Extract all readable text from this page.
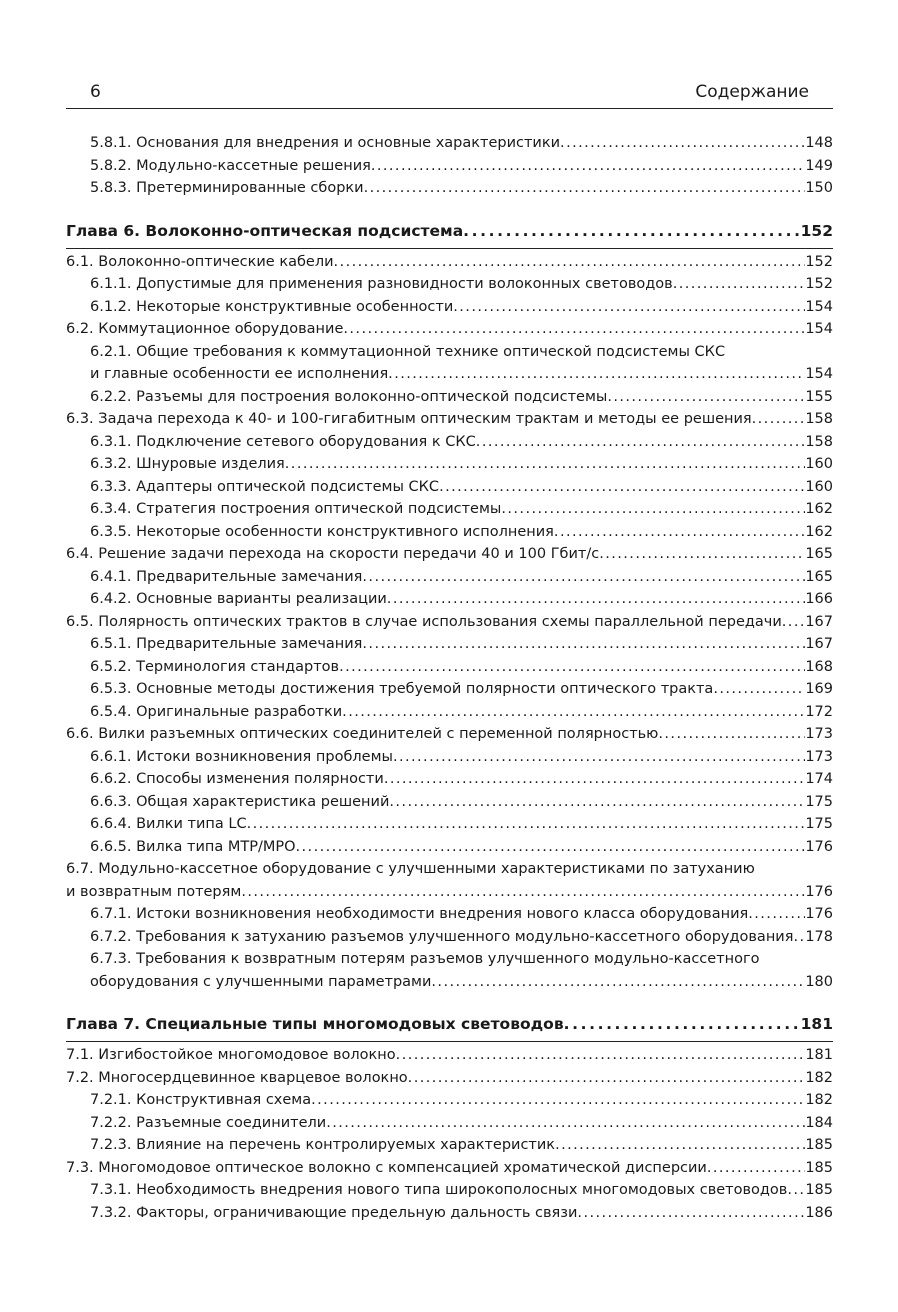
6	Содержание
5.8.1. Основания для внедрения и основные характеристики . . .	148
5.8.2. Модульно-кассетные решения . . .	149
5.8.3. Претерминированные сборки . . .	150
Глава 6. Волоконно-оптическая подсистема . . .	152
6.1. Волоконно-оптические кабели . . .	152
6.1.1. Допустимые для применения разновидности волоконных световодов . . .	152
6.1.2. Некоторые конструктивные особенности . . .	154
6.2. Коммутационное оборудование . . .	154
6.2.1. Общие требования к коммутационной технике оптической подсистемы СКС
и главные особенности ее исполнения . . .	154
6.2.2. Разъемы для построения волоконно-оптической подсистемы . . .	155
6.3. Задача перехода к 40- и 100-гигабитным оптическим трактам и методы ее решения . . .	158
6.3.1. Подключение сетевого оборудования к СКС . . .	158
6.3.2. Шнуровые изделия . . .	160
6.3.3. Адаптеры оптической подсистемы СКС . . .	160
6.3.4. Стратегия построения оптической подсистемы . . .	162
6.3.5. Некоторые особенности конструктивного исполнения . . .	162
6.4. Решение задачи перехода на скорости передачи 40 и 100 Гбит/с . . .	165
6.4.1. Предварительные замечания . . .	165
6.4.2. Основные варианты реализации . . .	166
6.5. Полярность оптических трактов в случае использования схемы параллельной передачи . . . 167
6.5.1. Предварительные замечания . . .	167
6.5.2. Терминология стандартов . . .	168
6.5.3. Основные методы достижения требуемой полярности оптического тракта . . .	169
6.5.4. Оригинальные разработки . . .	172
6.6. Вилки разъемных оптических соединителей с переменной полярностью . . .	173
6.6.1. Истоки возникновения проблемы . . .	173
6.6.2. Способы изменения полярности . . .	174
6.6.3. Общая характеристика решений . . .	175
6.6.4. Вилки типа LC . . .	175
6.6.5. Вилка типа MTP/MPO . . .	176
6.7. Модульно-кассетное оборудование с улучшенными характеристиками по затуханию
и возвратным потерям . . .	176
6.7.1. Истоки возникновения необходимости внедрения нового класса оборудования . . .	176
6.7.2. Требования к затуханию разъемов улучшенного модульно-кассетного оборудования . . . 178
6.7.3. Требования к возвратным потерям разъемов улучшенного модульно-кассетного
оборудования с улучшенными параметрами . . .	180
Глава 7. Специальные типы многомодовых световодов . . .	181
7.1. Изгибостойкое многомодовое волокно . . .	181
7.2. Многосердцевинное кварцевое волокно . . .	182
7.2.1. Конструктивная схема . . .	182
7.2.2. Разъемные соединители . . .	184
7.2.3. Влияние на перечень контролируемых характеристик . . .	185
7.3. Многомодовое оптическое волокно с компенсацией хроматической дисперсии . . .	185
7.3.1. Необходимость внедрения нового типа широкополосных многомодовых световодов . . . 185
7.3.2. Факторы, ограничивающие предельную дальность связи . . .	186
